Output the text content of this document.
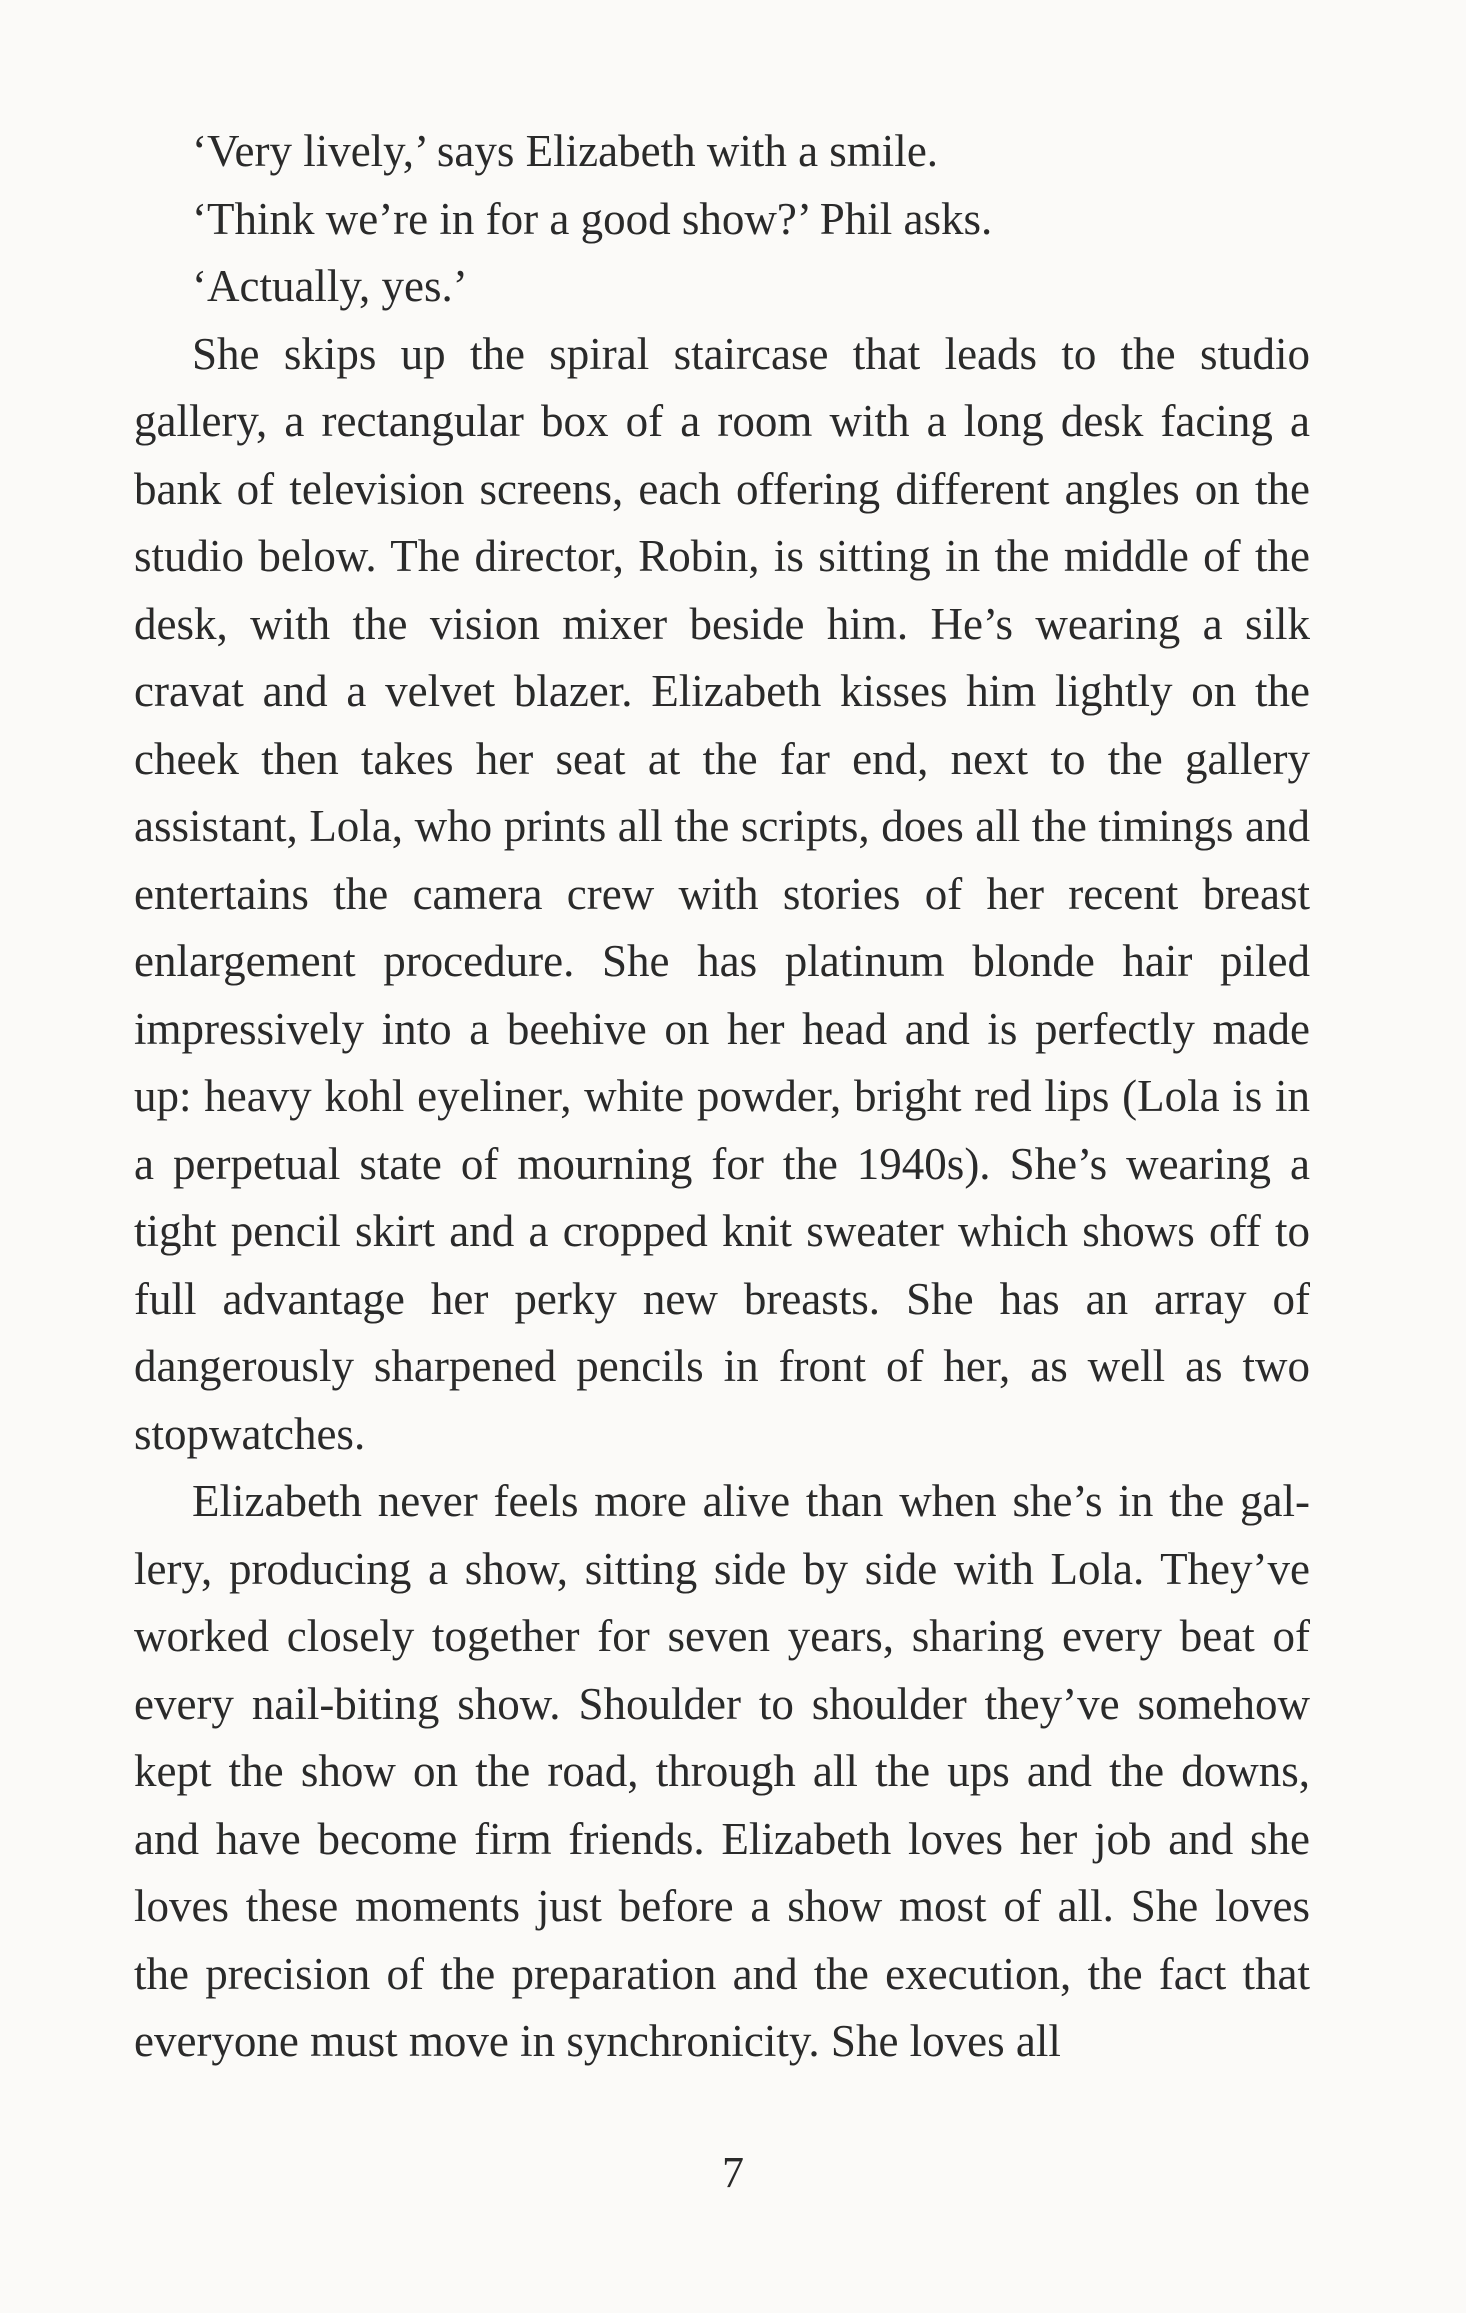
‘Very lively,’ says Elizabeth with a smile.

‘Think we’re in for a good show?’ Phil asks.

‘Actually, yes.’

She skips up the spiral staircase that leads to the studio gallery, a rectangular box of a room with a long desk facing a bank of television screens, each offering different angles on the studio below. The director, Robin, is sitting in the middle of the desk, with the vision mixer beside him. He’s wearing a silk cravat and a velvet blazer. Elizabeth kisses him lightly on the cheek then takes her seat at the far end, next to the gallery assistant, Lola, who prints all the scripts, does all the timings and entertains the camera crew with stories of her recent breast enlargement procedure. She has platinum blonde hair piled impressively into a beehive on her head and is perfectly made up: heavy kohl eyeliner, white powder, bright red lips (Lola is in a perpetual state of mourning for the 1940s). She’s wearing a tight pencil skirt and a cropped knit sweater which shows off to full advantage her perky new breasts. She has an array of dangerously sharpened pencils in front of her, as well as two stopwatches.

Elizabeth never feels more alive than when she’s in the gallery, producing a show, sitting side by side with Lola. They’ve worked closely together for seven years, sharing every beat of every nail-biting show. Shoulder to shoulder they’ve somehow kept the show on the road, through all the ups and the downs, and have become firm friends. Elizabeth loves her job and she loves these moments just before a show most of all. She loves the precision of the preparation and the execution, the fact that everyone must move in synchronicity. She loves all

7
